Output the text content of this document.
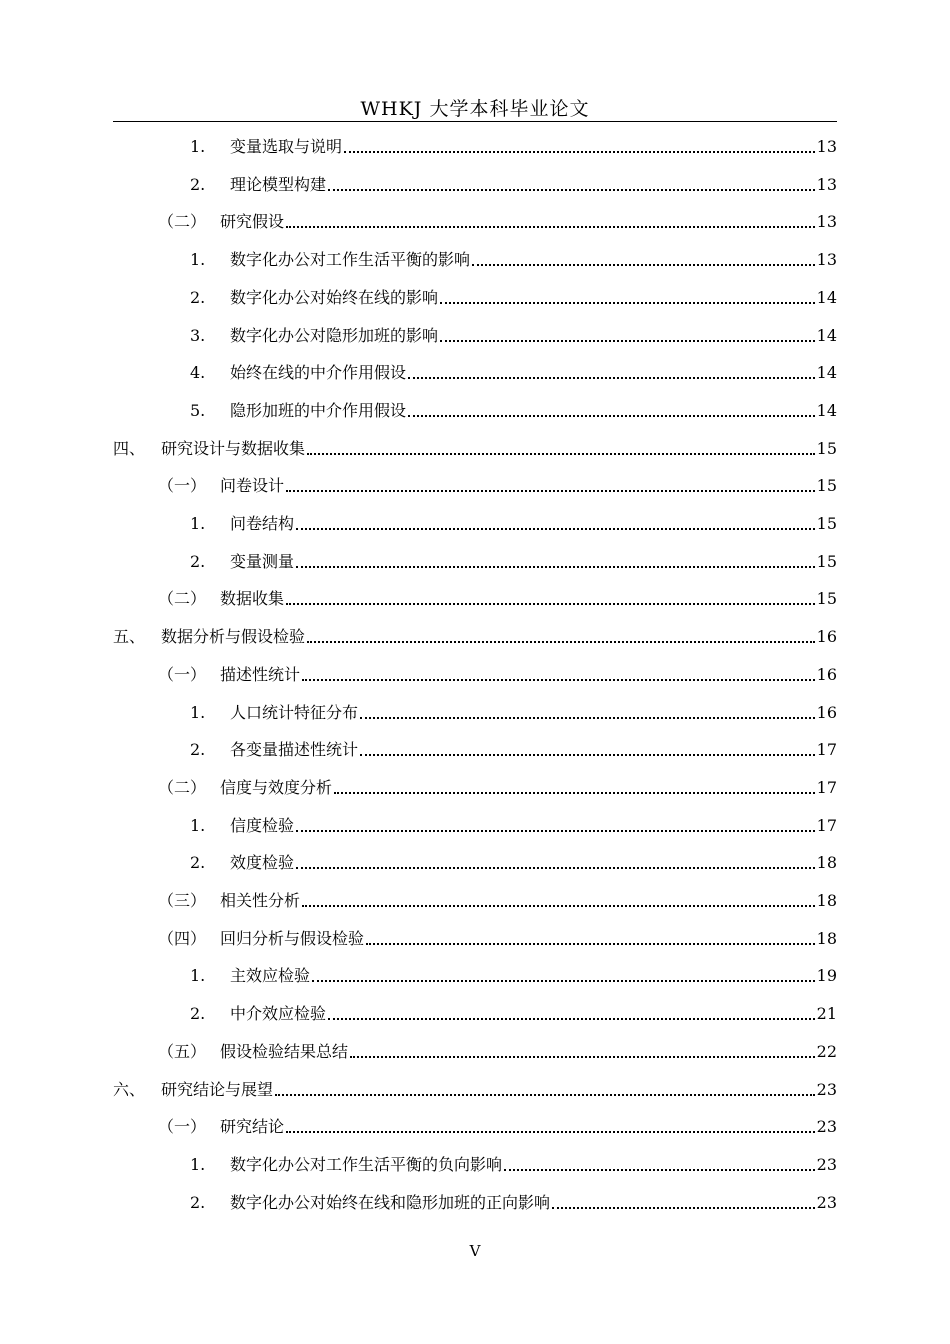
WHKJ 大学本科毕业论文
1.	变量选取与说明	13
2.	理论模型构建	13
（二） 研究假设	13
1.	数字化办公对工作生活平衡的影响	13
2.	数字化办公对始终在线的影响	14
3.	数字化办公对隐形加班的影响	14
4.	始终在线的中介作用假设	14
5.	隐形加班的中介作用假设	14
四、 研究设计与数据收集	15
（一） 问卷设计	15
1.	问卷结构	15
2.	变量测量	15
（二） 数据收集	15
五、 数据分析与假设检验	16
（一） 描述性统计	16
1.	人口统计特征分布	16
2.	各变量描述性统计	17
（二） 信度与效度分析	17
1.	信度检验	17
2.	效度检验	18
（三） 相关性分析	18
（四） 回归分析与假设检验	18
1.	主效应检验	19
2.	中介效应检验	21
（五） 假设检验结果总结	22
六、 研究结论与展望	23
（一） 研究结论	23
1.	数字化办公对工作生活平衡的负向影响	23
2.	数字化办公对始终在线和隐形加班的正向影响	23
V
